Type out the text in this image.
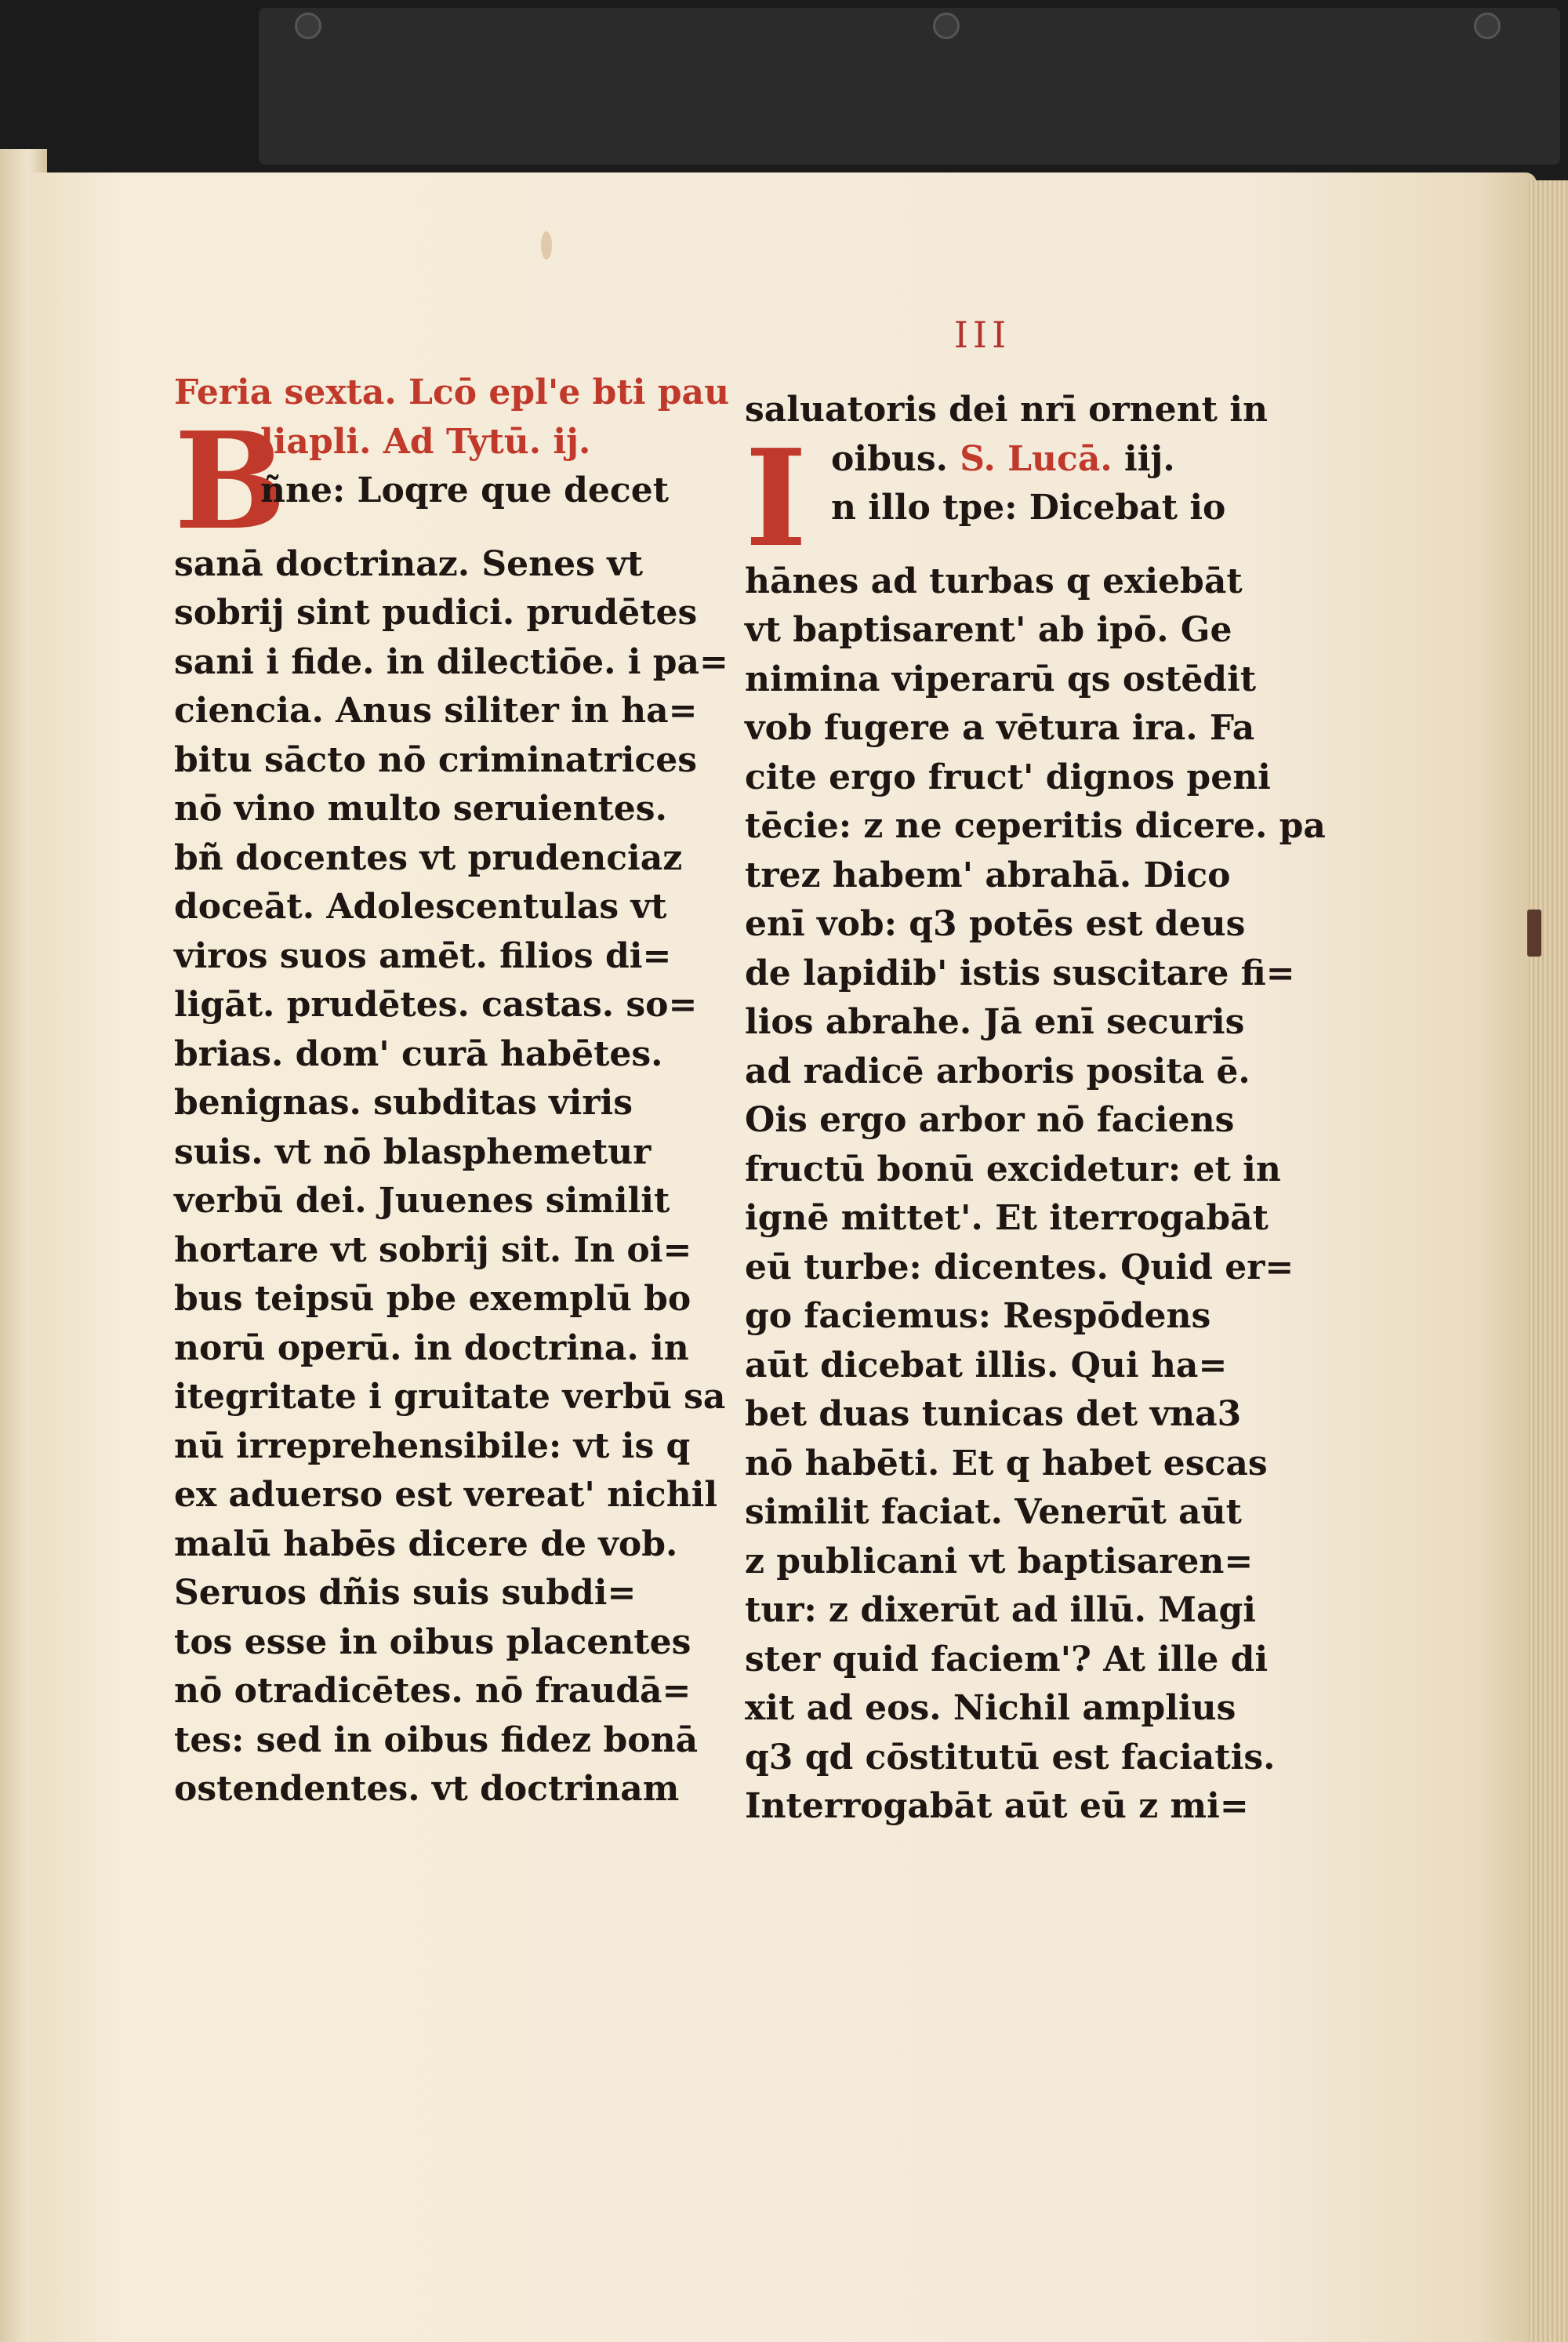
III
Feria sexta. Lcō epl'e bti pau
B
liapli. Ad Tytū. ij.
ñne: Loqre que decet
sanā doctrinaz. Senes vt
sobrij sint pudici. prudētes
sani i fide. in dilectiōe. i pa=
ciencia. Anus siliter in ha=
bitu sācto nō criminatrices
nō vino multo seruientes.
bñ docentes vt prudenciaz
doceāt. Adolescentulas vt
viros suos amēt. filios di=
ligāt. prudētes. castas. so=
brias. dom' curā habētes.
benignas. subditas viris
suis. vt nō blasphemetur
verbū dei. Juuenes similit
hortare vt sobrij sit. In oi=
bus teipsū pbe exemplū bo
norū operū. in doctrina. in
itegritate i gruitate verbū sa
nū irreprehensibile: vt is q
ex aduerso est vereat' nichil
malū habēs dicere de vob.
Seruos dñis suis subdi=
tos esse in oibus placentes
nō otradicētes. nō fraudā=
tes: sed in oibus fidez bonā
ostendentes. vt doctrinam
saluatoris dei nrī ornent in
I oibus. S. Lucā. iij.
n illo tpe: Dicebat io
hānes ad turbas q exiebāt
vt baptisarent' ab ipō. Ge
nimina viperarū qs ostēdit
vob fugere a vētura ira. Fa
cite ergo fruct' dignos peni
tēcie: z ne ceperitis dicere. pa
trez habem' abrahā. Dico
enī vob: q3 potēs est deus
de lapidib' istis suscitare fi=
lios abrahe. Jā enī securis
ad radicē arboris posita ē.
Ois ergo arbor nō faciens
fructū bonū excidetur: et in
ignē mittet'. Et iterrogabāt
eū turbe: dicentes. Quid er=
go faciemus: Respōdens
aūt dicebat illis. Qui ha=
bet duas tunicas det vna3
nō habēti. Et q habet escas
similit faciat. Venerūt aūt
z publicani vt baptisaren=
tur: z dixerūt ad illū. Magi
ster quid faciem'? At ille di
xit ad eos. Nichil amplius
q3 qd cōstitutū est faciatis.
Interrogabāt aūt eū z mi=
